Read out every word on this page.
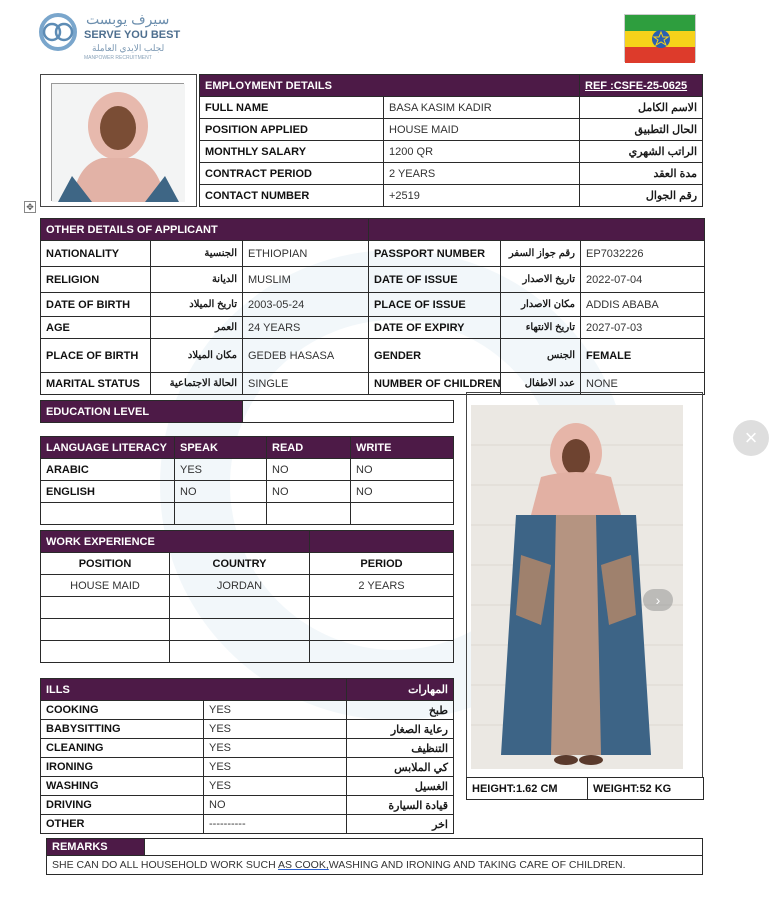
سيرف يوبست
SERVE YOU BEST
لجلب الايدي العاملة
MANPOWER RECRUITMENT
EMPLOYMENT DETAILS		REF :CSFE-25-0625
FULL NAME	BASA KASIM KADIR	الاسم الكامل
POSITION APPLIED	HOUSE MAID	الحال التطبيق
MONTHLY SALARY	1200 QR	الراتب الشهري
CONTRACT PERIOD	2 YEARS	مدة العقد
CONTACT NUMBER	+2519	رقم الجوال
✥
OTHER DETAILS OF APPLICANT					
NATIONALITY	الجنسية	ETHIOPIAN	PASSPORT NUMBER	رقم جواز السفر	EP7032226
RELIGION	الديانة	MUSLIM	DATE OF ISSUE	تاريخ الاصدار	2022-07-04
DATE OF BIRTH	تاريخ الميلاد	2003-05-24	PLACE OF ISSUE	مكان الاصدار	ADDIS ABABA
AGE	العمر	24 YEARS	DATE OF EXPIRY	تاريخ الانتهاء	2027-07-03
PLACE OF BIRTH	مكان الميلاد	GEDEB HASASA	GENDER	الجنس	FEMALE
MARITAL STATUS	الحالة الاجتماعية	SINGLE	NUMBER OF CHILDREN	عدد الاطفال	NONE
EDUCATION LEVEL	
LANGUAGE LITERACY	SPEAK	READ	WRITE
ARABIC	YES	NO	NO
ENGLISH	NO	NO	NO

WORK EXPERIENCE		
POSITION	COUNTRY	PERIOD
HOUSE MAID	JORDAN	2 YEARS

ILLS		المهارات
COOKING	YES	طبخ
BABYSITTING	YES	رعاية الصغار
CLEANING	YES	التنظيف
IRONING	YES	كي الملابس
WASHING	YES	الغسيل
DRIVING	NO	قيادة السيارة
OTHER	----------	اخر
›
HEIGHT:1.62 CM	WEIGHT:52 KG
REMARKS	
SHE CAN DO ALL HOUSEHOLD WORK SUCH AS COOK,WASHING AND IRONING AND TAKING CARE OF CHILDREN.
×
